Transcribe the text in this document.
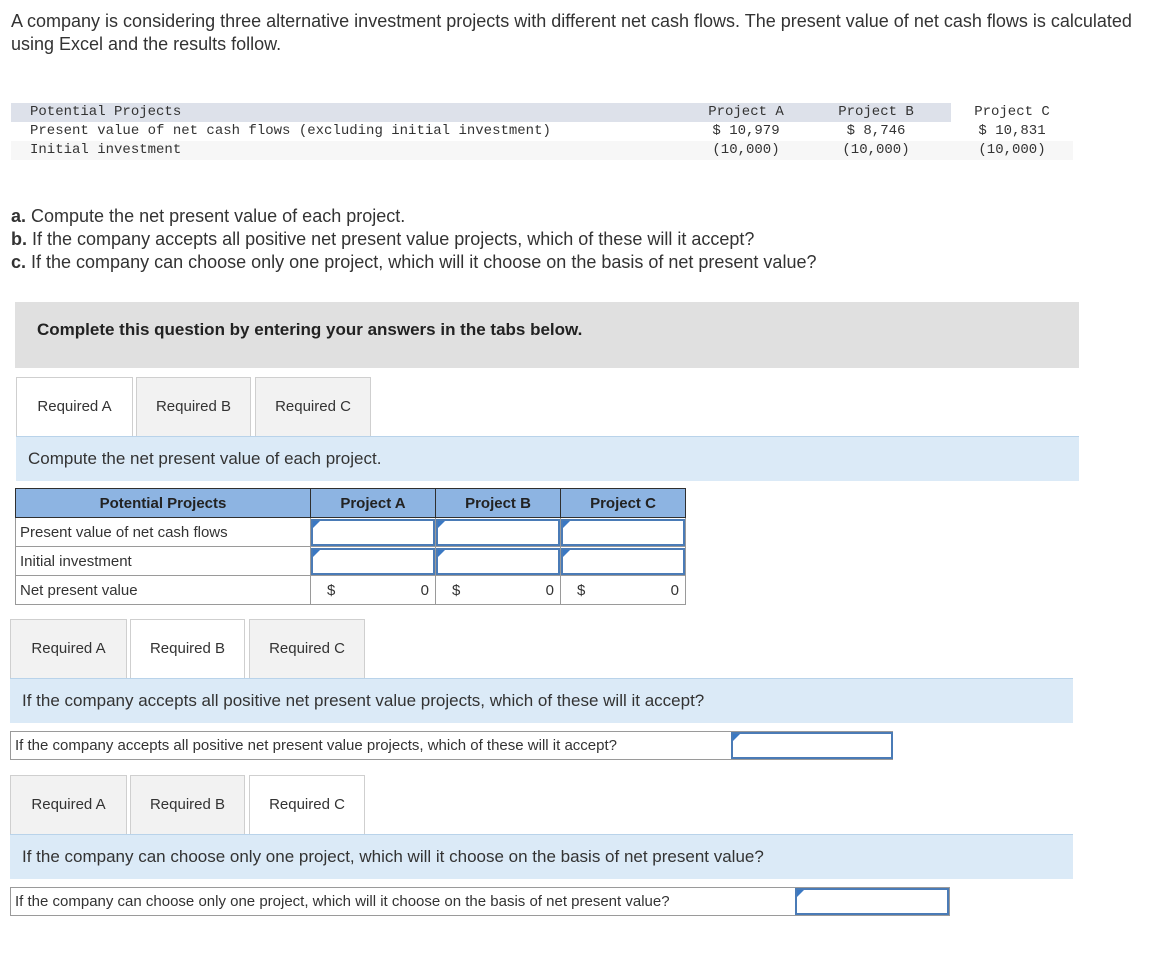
A company is considering three alternative investment projects with different net cash flows. The present value of net cash flows is calculated using Excel and the results follow.
Potential Projects	Project A	Project B	Project C
Present value of net cash flows (excluding initial investment)	$ 10,979	$ 8,746	$ 10,831
Initial investment	(10,000)	(10,000)	(10,000)
a. Compute the net present value of each project.
b. If the company accepts all positive net present value projects, which of these will it accept?
c. If the company can choose only one project, which will it choose on the basis of net present value?
Complete this question by entering your answers in the tabs below.
Required A	Required B	Required C
Compute the net present value of each project.
Potential Projects	Project A	Project B	Project C
Present value of net cash flows	

Initial investment	

Net present value	$ 0	$ 0	$ 0
Required A	Required B	Required C
If the company accepts all positive net present value projects, which of these will it accept?
If the company accepts all positive net present value projects, which of these will it accept?
Required A	Required B	Required C
If the company can choose only one project, which will it choose on the basis of net present value?
If the company can choose only one project, which will it choose on the basis of net present value?
